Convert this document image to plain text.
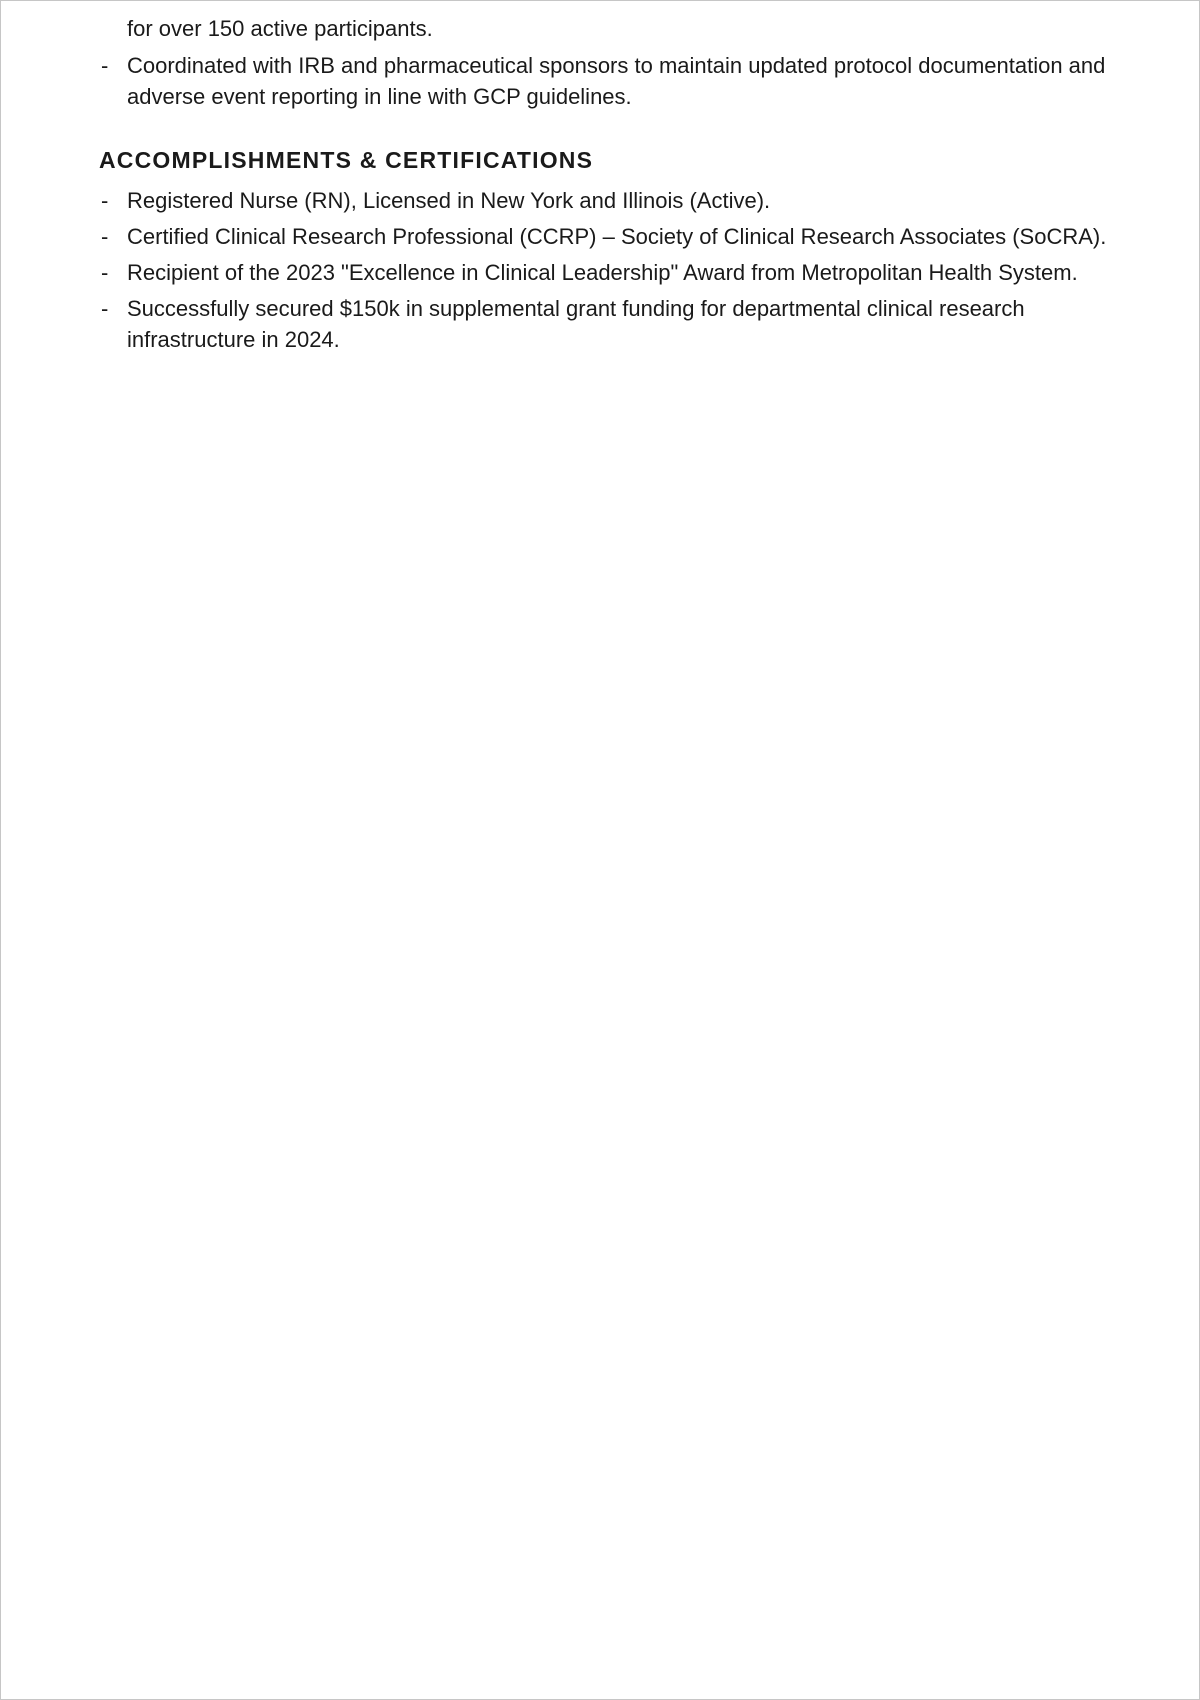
for over 150 active participants.
- Coordinated with IRB and pharmaceutical sponsors to maintain updated protocol documentation and adverse event reporting in line with GCP guidelines.
ACCOMPLISHMENTS & CERTIFICATIONS
- Registered Nurse (RN), Licensed in New York and Illinois (Active).
- Certified Clinical Research Professional (CCRP) – Society of Clinical Research Associates (SoCRA).
- Recipient of the 2023 "Excellence in Clinical Leadership" Award from Metropolitan Health System.
- Successfully secured $150k in supplemental grant funding for departmental clinical research infrastructure in 2024.
